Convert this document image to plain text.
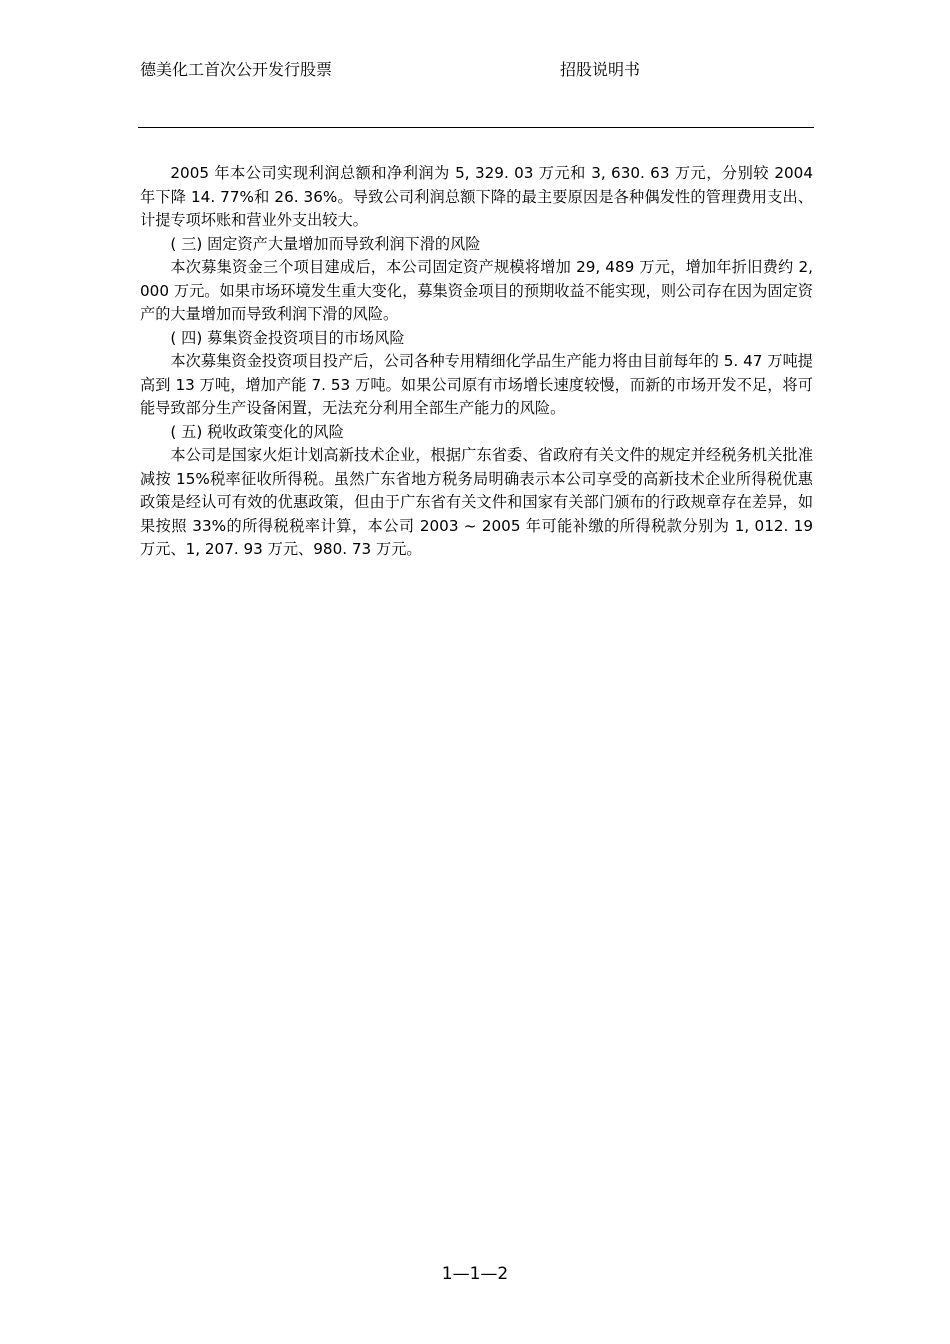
德美化工首次公开发行股票	招股说明书

2005 年本公司实现利润总额和净利润为 5, 329. 03 万元和 3, 630. 63 万元，分别较 2004 年下降 14. 77%和 26. 36%。导致公司利润总额下降的最主要原因是各种偶发性的管理费用支出、计提专项坏账和营业外支出较大。

( 三) 固定资产大量增加而导致利润下滑的风险

本次募集资金三个项目建成后，本公司固定资产规模将增加 29, 489 万元，增加年折旧费约 2, 000 万元。如果市场环境发生重大变化，募集资金项目的预期收益不能实现，则公司存在因为固定资产的大量增加而导致利润下滑的风险。

( 四) 募集资金投资项目的市场风险

本次募集资金投资项目投产后，公司各种专用精细化学品生产能力将由目前每年的 5. 47 万吨提高到 13 万吨，增加产能 7. 53 万吨。如果公司原有市场增长速度较慢，而新的市场开发不足，将可能导致部分生产设备闲置，无法充分利用全部生产能力的风险。

( 五) 税收政策变化的风险

本公司是国家火炬计划高新技术企业，根据广东省委、省政府有关文件的规定并经税务机关批准减按 15%税率征收所得税。虽然广东省地方税务局明确表示本公司享受的高新技术企业所得税优惠政策是经认可有效的优惠政策，但由于广东省有关文件和国家有关部门颁布的行政规章存在差异，如果按照 33%的所得税税率计算，本公司 2003 ~ 2005 年可能补缴的所得税款分别为 1, 012. 19 万元、1, 207. 93 万元、980. 73 万元。

1—1—2
